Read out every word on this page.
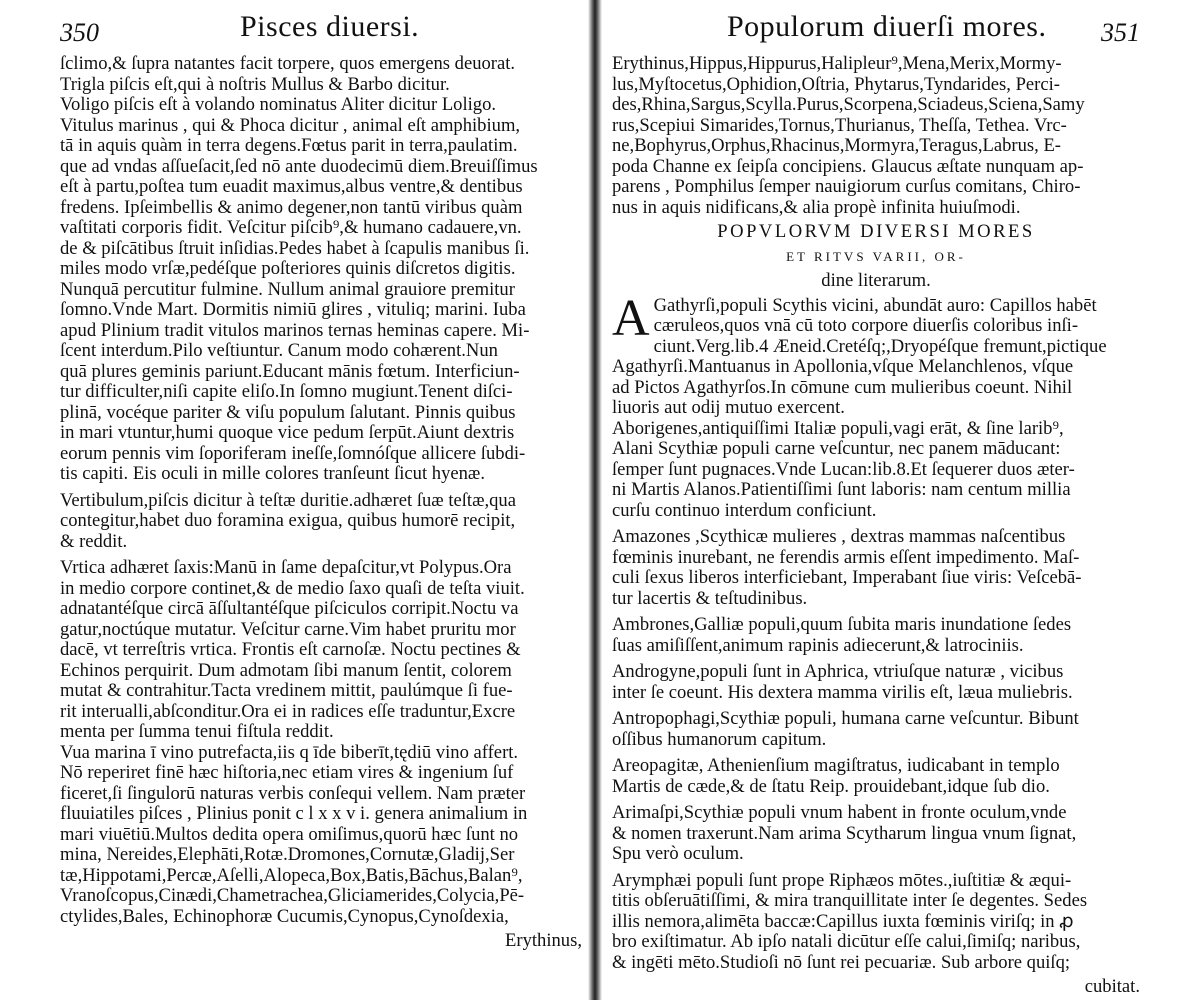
350	Pisces diuersi.
ſclimo,& ſupra natantes facit torpere, quos emergens deuorat.
Trigla piſcis eſt,qui à noſtris Mullus & Barbo dicitur.
Voligo piſcis eſt à volando nominatus Aliter dicitur Loligo.
Vitulus marinus , qui & Phoca dicitur , animal eſt amphibium,
tā in aquis quàm in terra degens.Fœtus parit in terra,paulatim.
que ad vndas aſſueſacit,ſed nō ante duodecimū diem.Breuiſſimus
eſt à partu,poſtea tum euadit maximus,albus ventre,& dentibus
fredens. Ipſeimbellis & animo degener,non tantū viribus quàm
vaſtitati corporis fidit. Veſcitur piſcib⁹,& humano cadauere,vn.
de & piſcātibus ſtruit inſidias.Pedes habet à ſcapulis manibus ſi.
miles modo vrſæ,pedéſque poſteriores quinis diſcretos digitis.
Nunquā percutitur fulmine. Nullum animal grauiore premitur
ſomno.Vnde Mart. Dormitis nimiū glires , vituliq; marini. Iuba
apud Plinium tradit vitulos marinos ternas heminas capere. Mi-
ſcent interdum.Pilo veſtiuntur. Canum modo cohærent.Nun
quā plures geminis pariunt.Educant mānis fœtum. Interficiun-
tur difficulter,niſi capite eliſo.In ſomno mugiunt.Tenent diſci-
plinā, vocéque pariter & viſu populum ſalutant. Pinnis quibus
in mari vtuntur,humi quoque vice pedum ſerpūt.Aiunt dextris
eorum pennis vim ſoporiferam ineſſe,ſomnóſque allicere ſubdi-
tis capiti. Eis oculi in mille colores tranſeunt ſicut hyenæ.
Vertibulum,piſcis dicitur à teſtæ duritie.adhæret ſuæ teſtæ,qua
contegitur,habet duo foramina exigua, quibus humorē recipit,
& reddit.
Vrtica adhæret ſaxis:Manū in ſame depaſcitur,vt Polypus.Ora
in medio corpore continet,& de medio ſaxo quaſi de teſta viuit.
adnatantéſque circā āſſultantéſque piſciculos corripit.Noctu va
gatur,noctúque mutatur. Veſcitur carne.Vim habet pruritu mor
dacē, vt terreſtris vrtica. Frontis eſt carnoſæ. Noctu pectines &
Echinos perquirit. Dum admotam ſibi manum ſentit, colorem
mutat & contrahitur.Tacta vredinem mittit, paulúmque ſi fue-
rit interualli,abſconditur.Ora ei in radices eſſe traduntur,Excre
menta per ſumma tenui fiſtula reddit.
Vua marina ī vino putrefacta,iis q īde biberīt,tędiū vino affert.
Nō reperiret finē hæc hiſtoria,nec etiam vires & ingenium ſuf
ficeret,ſi ſingulorū naturas verbis conſequi vellem. Nam præter
fluuiatiles piſces , Plinius ponit c l x x v i. genera animalium in
mari viuētiū.Multos dedita opera omiſimus,quorū hæc ſunt no
mina, Nereides,Elephāti,Rotæ.Dromones,Cornutæ,Gladij,Ser
tæ,Hippotami,Percæ,Aſelli,Alopeca,Box,Batis,Bāchus,Balan⁹,
Vranoſcopus,Cinædi,Chametrachea,Gliciamerides,Colycia,Pē-
ctylides,Bales, Echinophoræ Cucumis,Cynopus,Cynoſdexia,
Erythinus,
Populorum diuerſi mores. 351
Erythinus,Hippus,Hippurus,Halipleur⁹,Mena,Merix,Mormy-
lus,Myſtocetus,Ophidion,Oſtria, Phytarus,Tyndarides, Perci-
des,Rhina,Sargus,Scylla.Purus,Scorpena,Sciadeus,Sciena,Samy
rus,Scepiui Simarides,Tornus,Thurianus, Theſſa, Tethea. Vrc-
ne,Bophyrus,Orphus,Rhacinus,Mormyra,Teragus,Labrus, E-
poda Channe ex ſeipſa concipiens. Glaucus æſtate nunquam ap-
parens , Pomphilus ſemper nauigiorum curſus comitans, Chiro-
nus in aquis nidificans,& alia propè infinita huiuſmodi.
POPVLORVM DIVERSI MORES
ET RITVS VARII, OR-
dine literarum.
A Gathyrſi,populi Scythis vicini, abundāt auro: Capillos habēt
cæruleos,quos vnā cū toto corpore diuerſis coloribus inſi-
ciunt.Verg.lib.4 Æneid.Cretéſq;,Dryopéſque fremunt,pictique
Agathyrſi.Mantuanus in Apollonia,vſque Melanchlenos, vſque
ad Pictos Agathyrſos.In cōmune cum mulieribus coeunt. Nihil
liuoris aut odij mutuo exercent.
Aborigenes,antiquiſſimi Italiæ populi,vagi erāt, & ſine larib⁹,
Alani Scythiæ populi carne veſcuntur, nec panem māducant:
ſemper ſunt pugnaces.Vnde Lucan:lib.8.Et ſequerer duos æter-
ni Martis Alanos.Patientiſſimi ſunt laboris: nam centum millia
curſu continuo interdum conficiunt.
Amazones ,Scythicæ mulieres , dextras mammas naſcentibus
fœminis inurebant, ne ferendis armis eſſent impedimento. Maſ-
culi ſexus liberos interficiebant, Imperabant ſiue viris: Veſcebā-
tur lacertis & teſtudinibus.
Ambrones,Galliæ populi,quum ſubita maris inundatione ſedes
ſuas amiſiſſent,animum rapinis adiecerunt,& latrociniis.
Androgyne,populi ſunt in Aphrica, vtriuſque naturæ , vicibus
inter ſe coeunt. His dextera mamma virilis eſt, læua muliebris.
Antropophagi,Scythiæ populi, humana carne veſcuntur. Bibunt
oſſibus humanorum capitum.
Areopagitæ, Athenienſium magiſtratus, iudicabant in templo
Martis de cæde,& de ſtatu Reip. prouidebant,idque ſub dio.
Arimaſpi,Scythiæ populi vnum habent in fronte oculum,vnde
& nomen traxerunt.Nam arima Scytharum lingua vnum ſignat,
Spu verò oculum.
Arymphæi populi ſunt prope Riphæos mōtes.,iuſtitiæ & æqui-
titis obſeruātiſſimi, & mira tranquillitate inter ſe degentes. Sedes
illis nemora,alimēta baccæ:Capillus iuxta fœminis viriſq; in ꝓ
bro exiſtimatur. Ab ipſo natali dicūtur eſſe calui,ſimiſq; naribus,
& ingēti mēto.Studioſi nō ſunt rei pecuariæ. Sub arbore quiſq;
cubitat.
